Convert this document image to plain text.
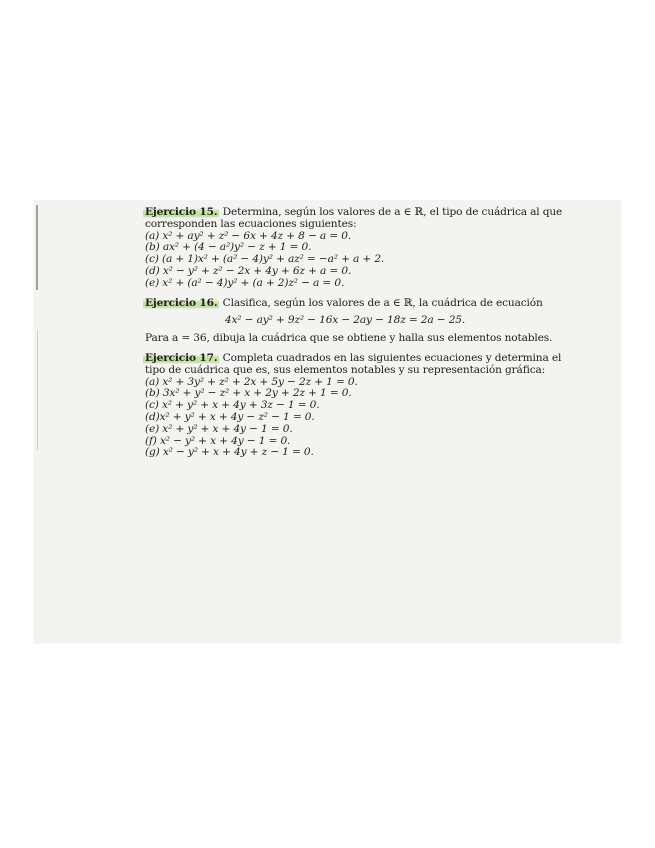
Ejercicio 15. Determina, según los valores de a ∈ ℝ, el tipo de cuádrica al que
corresponden las ecuaciones siguientes:
(a) x² + ay² + z² − 6x + 4z + 8 − a = 0.
(b) ax² + (4 − a²)y² − z + 1 = 0.
(c) (a + 1)x² + (a² − 4)y² + az² = −a² + a + 2.
(d) x² − y² + z² − 2x + 4y + 6z + a = 0.
(e) x² + (a² − 4)y² + (a + 2)z² − a = 0.
Ejercicio 16. Clasifica, según los valores de a ∈ ℝ, la cuádrica de ecuación
4x² − ay² + 9z² − 16x − 2ay − 18z = 2a − 25.
Para a = 36, dibuja la cuádrica que se obtiene y halla sus elementos notables.
Ejercicio 17. Completa cuadrados en las siguientes ecuaciones y determina el
tipo de cuádrica que es, sus elementos notables y su representación gráfica:
(a) x² + 3y² + z² + 2x + 5y − 2z + 1 = 0.
(b) 3x² + y² − z² + x + 2y + 2z + 1 = 0.
(c) x² + y² + x + 4y + 3z − 1 = 0.
(d)x² + y² + x + 4y − z² − 1 = 0.
(e) x² + y² + x + 4y − 1 = 0.
(f) x² − y² + x + 4y − 1 = 0.
(g) x² − y² + x + 4y + z − 1 = 0.
